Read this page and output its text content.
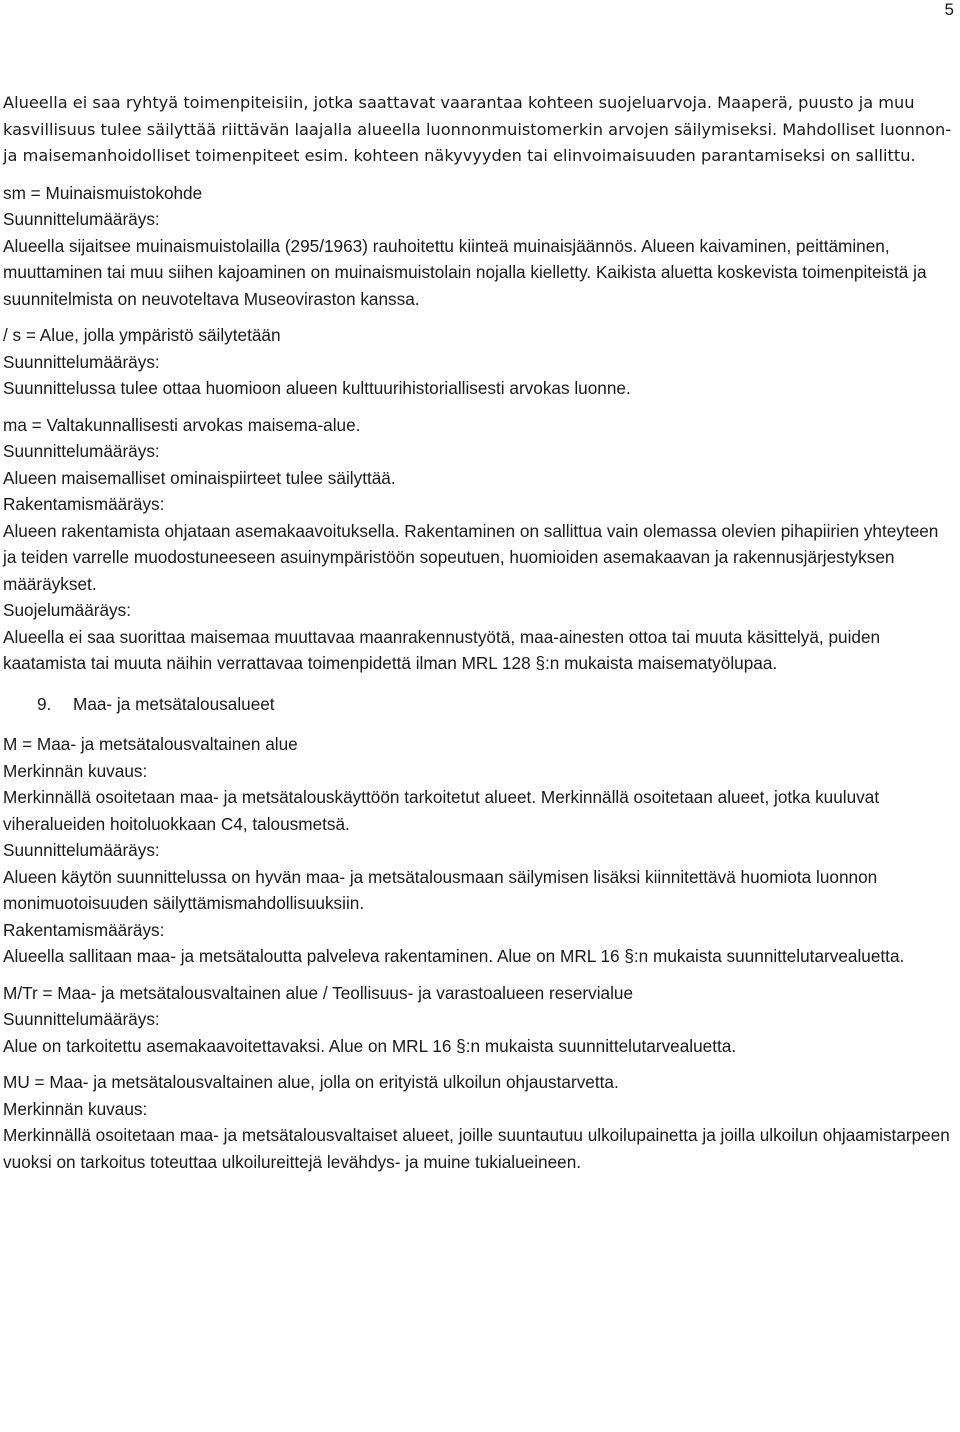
5

Alueella ei saa ryhtyä toimenpiteisiin, jotka saattavat vaarantaa kohteen suojeluarvoja. Maaperä, puusto ja muu kasvillisuus tulee säilyttää riittävän laajalla alueella luonnonmuistomerkin arvojen säilymiseksi. Mahdolliset luonnon- ja maisemanhoidolliset toimenpiteet esim. kohteen näkyvyyden tai elinvoimaisuuden parantamiseksi on sallittu.

sm = Muinaismuistokohde

Suunnittelumääräys:

Alueella sijaitsee muinaismuistolailla (295/1963) rauhoitettu kiinteä muinaisjäännös. Alueen kaivaminen, peittäminen, muuttaminen tai muu siihen kajoaminen on muinaismuistolain nojalla kielletty. Kaikista aluetta koskevista toimenpiteistä ja suunnitelmista on neuvoteltava Museoviraston kanssa.

/ s = Alue, jolla ympäristö säilytetään

Suunnittelumääräys:

Suunnittelussa tulee ottaa huomioon alueen kulttuurihistoriallisesti arvokas luonne.

ma = Valtakunnallisesti arvokas maisema-alue.

Suunnittelumääräys:

Alueen maisemalliset ominaispiirteet tulee säilyttää.

Rakentamismääräys:

Alueen rakentamista ohjataan asemakaavoituksella. Rakentaminen on sallittua vain olemassa olevien pihapiirien yhteyteen ja teiden varrelle muodostuneeseen asuinympäristöön sopeutuen, huomioiden asemakaavan ja rakennusjärjestyksen määräykset.

Suojelumääräys:

Alueella ei saa suorittaa maisemaa muuttavaa maanrakennustyötä, maa-ainesten ottoa tai muuta käsittelyä, puiden kaatamista tai muuta näihin verrattavaa toimenpidettä ilman MRL 128 §:n mukaista maisematyölupaa.

9. Maa- ja metsätalousalueet

M = Maa- ja metsätalousvaltainen alue

Merkinnän kuvaus:

Merkinnällä osoitetaan maa- ja metsätalouskäyttöön tarkoitetut alueet. Merkinnällä osoitetaan alueet, jotka kuuluvat viheralueiden hoitoluokkaan C4, talousmetsä.

Suunnittelumääräys:

Alueen käytön suunnittelussa on hyvän maa- ja metsätalousmaan säilymisen lisäksi kiinnitettävä huomiota luonnon monimuotoisuuden säilyttämismahdollisuuksiin.

Rakentamismääräys:

Alueella sallitaan maa- ja metsätaloutta palveleva rakentaminen. Alue on MRL 16 §:n mukaista suunnittelutarvealuetta.

M/Tr = Maa- ja metsätalousvaltainen alue / Teollisuus- ja varastoalueen reservialue

Suunnittelumääräys:

Alue on tarkoitettu asemakaavoitettavaksi. Alue on MRL 16 §:n mukaista suunnittelutarvealuetta.

MU = Maa- ja metsätalousvaltainen alue, jolla on erityistä ulkoilun ohjaustarvetta.

Merkinnän kuvaus:

Merkinnällä osoitetaan maa- ja metsätalousvaltaiset alueet, joille suuntautuu ulkoilupainetta ja joilla ulkoilun ohjaamistarpeen vuoksi on tarkoitus toteuttaa ulkoilureittejä levähdys- ja muine tukialueineen.
